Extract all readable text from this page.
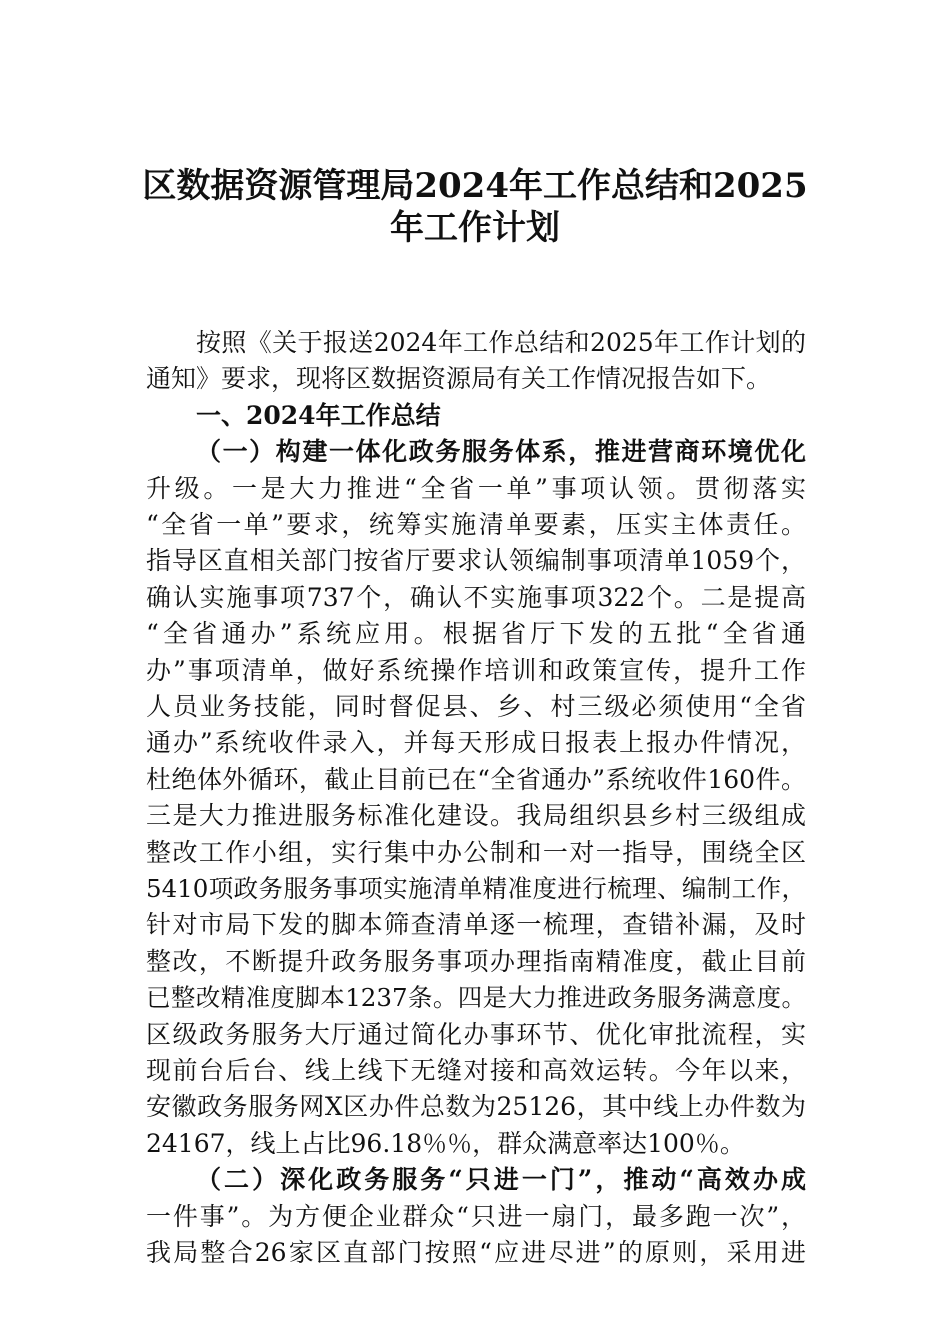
区数据资源管理局2024年工作总结和2025
年工作计划
按照《关于报送2024年工作总结和2025年工作计划的
通知》要求，现将区数据资源局有关工作情况报告如下。
一、2024年工作总结
（一）构建一体化政务服务体系，推进营商环境优化
升级。一是大力推进“全省一单”事项认领。贯彻落实
“全省一单”要求，统筹实施清单要素，压实主体责任。
指导区直相关部门按省厅要求认领编制事项清单1059个，
确认实施事项737个，确认不实施事项322个。二是提高
“全省通办”系统应用。根据省厅下发的五批“全省通
办”事项清单，做好系统操作培训和政策宣传，提升工作
人员业务技能，同时督促县、乡、村三级必须使用“全省
通办”系统收件录入，并每天形成日报表上报办件情况，
杜绝体外循环，截止目前已在“全省通办”系统收件160件。
三是大力推进服务标准化建设。我局组织县乡村三级组成
整改工作小组，实行集中办公制和一对一指导，围绕全区
5410项政务服务事项实施清单精准度进行梳理、编制工作，
针对市局下发的脚本筛查清单逐一梳理，查错补漏，及时
整改，不断提升政务服务事项办理指南精准度，截止目前
已整改精准度脚本1237条。四是大力推进政务服务满意度。
区级政务服务大厅通过简化办事环节、优化审批流程，实
现前台后台、线上线下无缝对接和高效运转。今年以来，
安徽政务服务网X区办件总数为25126，其中线上办件数为
24167，线上占比96.18％％，群众满意率达100％。
（二）深化政务服务“只进一门”，推动“高效办成
一件事”。为方便企业群众“只进一扇门，最多跑一次”，
我局整合26家区直部门按照“应进尽进”的原则，采用进
